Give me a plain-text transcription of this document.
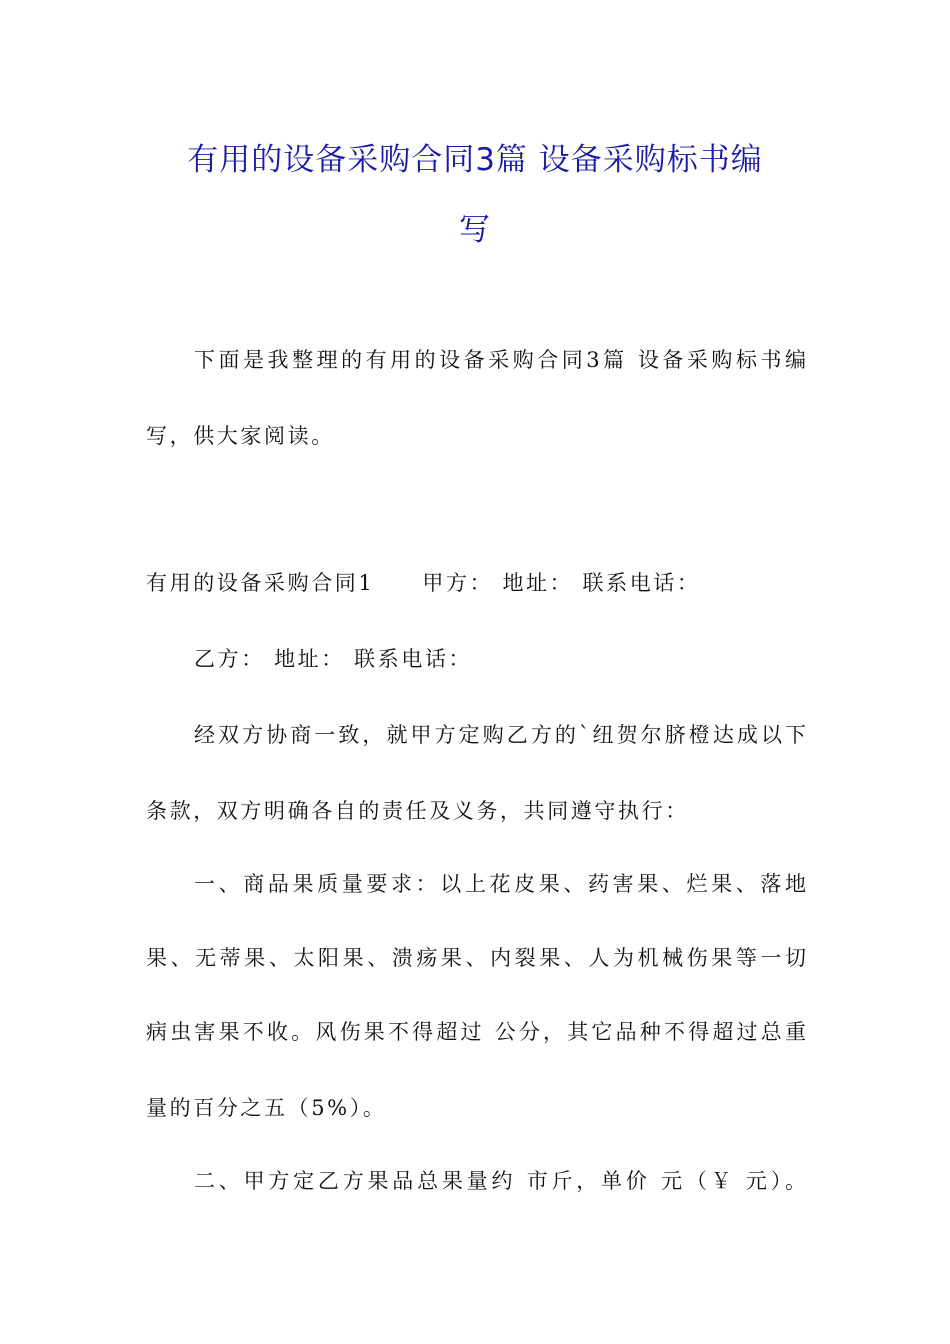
有用的设备采购合同3篇 设备采购标书编
写
下面是我整理的有用的设备采购合同3篇 设备采购标书编
写，供大家阅读。
有用的设备采购合同1 甲方： 地址： 联系电话：
乙方： 地址： 联系电话：
经双方协商一致，就甲方定购乙方的`纽贺尔脐橙达成以下
条款，双方明确各自的责任及义务，共同遵守执行：
一、商品果质量要求：以上花皮果、药害果、烂果、落地
果、无蒂果、太阳果、溃疡果、内裂果、人为机械伤果等一切
病虫害果不收。风伤果不得超过 公分，其它品种不得超过总重
量的百分之五（5%）。
二、甲方定乙方果品总果量约 市斤，单价 元（￥ 元）。
